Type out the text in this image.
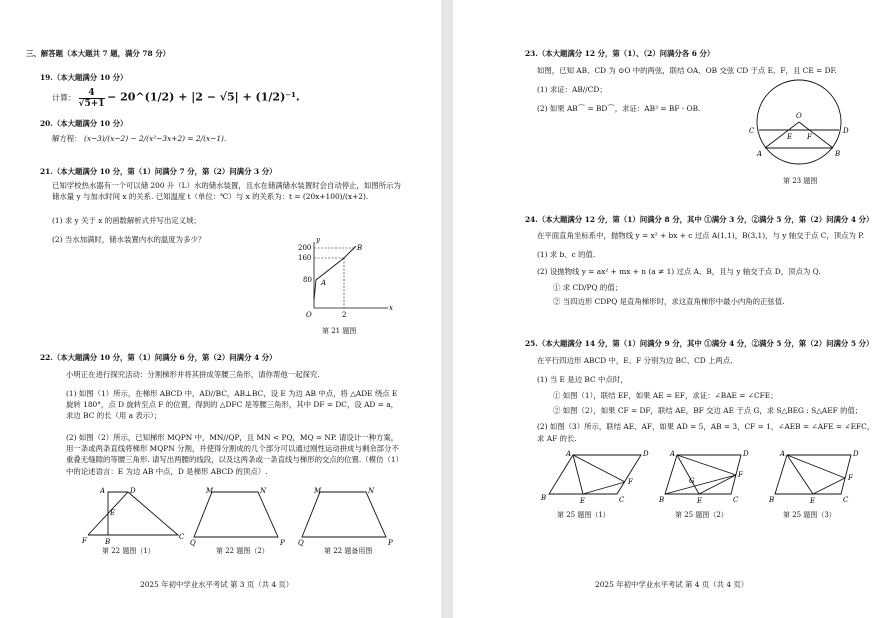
三、解答题（本大题共 7 题，满分 78 分）
19.（本大题满分 10 分）
计算： $\frac{4}{√5+1}$ − 20^(1/2) + |2 − √5| + (1/2)⁻¹.
20.（本大题满分 10 分）
解方程： (x−3)/(x−2) − 2/(x²−3x+2) = 2/(x−1).
21.（本大题满分 10 分，第（1）问满分 7 分，第（2）问满分 3 分）
已知学校热水器有一个可以储 200 升（L）水的储水装置，且水在储满储水装置时会自动停止，如图所示为储水量 y 与加水时间 x 的关系. 已知温度 t（单位：℃）与 x 的关系为：t = (20x+100)/(x+2).
(1) 求 y 关于 x 的函数解析式并写出定义域；
(2) 当水加满时，储水装置内水的温度为多少？
200
160
80
2
O
A
B
x
y
第 21 题图
22.（本大题满分 10 分，第（1）问满分 6 分，第（2）问满分 4 分）
小明正在进行探究活动：分割梯形并将其拼成等腰三角形，请你帮他一起探究.
(1) 如图（1）所示，在梯形 ABCD 中，AD//BC，AB⊥BC，设 E 为边 AB 中点，将 △ADE 绕点 E 旋转 180°，点 D 旋转至点 F 的位置，得到的 △DFC 是等腰三角形，其中 DF = DC，设 AD = a，求边 BC 的长（用 a 表示）；
(2) 如图（2）所示，已知梯形 MQPN 中，MN//QP，且 MN < PQ，MQ = NP. 请设计一种方案，用一条或两条直线将梯形 MQPN 分割，并使得分割成的几个部分可以通过刚性运动拼成与剩余部分不重叠无缝隙的等腰三角形. 请写出两腰的线段，以及这两条或一条直线与梯形的交点的位置.（模仿（1）中的论述语言：E 为边 AB 中点，D 是梯形 ABCD 的顶点）.
A	D
E
F	B
C
第 22 题图（1）
M	N
Q	P
第 22 题图（2）
M	N
Q	P
第 22 题备用图
2025 年初中学业水平考试 第 3 页（共 4 页）
23.（本大题满分 12 分，第（1）、（2）问满分各 6 分）
如图，已知 AB、CD 为 ⊙O 中的两弦，联结 OA、OB 交弦 CD 于点 E、F，且 CE = DF.
(1) 求证：AB//CD；
(2) 如果 AB⌒ = BD⌒，求证：AB² = BF · OB.
O
C	D
E F
A	B
第 23 题图
24.（本大题满分 12 分，第（1）问满分 8 分，其中 ①满分 3 分，②满分 5 分，第（2）问满分 4 分）
在平面直角坐标系中，抛物线 y = x² + bx + c 过点 A(1,1)，B(3,1)，与 y 轴交于点 C，顶点为 P.
(1) 求 b、c 的值.
(2) 设抛物线 y = ax² + mx + n (a ≠ 1) 过点 A、B，且与 y 轴交于点 D，顶点为 Q.
① 求 CD/PQ 的值；
② 当四边形 CDPQ 是直角梯形时，求这直角梯形中最小内角的正弦值.
25.（本大题满分 14 分，第（1）问满分 9 分，其中 ①满分 4 分，②满分 5 分，第（2）问满分 5 分）
在平行四边形 ABCD 中，E、F 分别为边 BC、CD 上两点.
(1) 当 E 是边 BC 中点时，
① 如图（1），联结 EF，如果 AE = EF，求证：∠BAE = ∠CFE；
② 如图（2），如果 CF = DF，联结 AE，BF 交边 AE 于点 G，求 S△BEG : S△AEF 的值；
(2) 如图（3）所示，联结 AE、AF，如果 AD = 5，AB = 3，CF = 1，∠AEB = ∠AFE = ∠EFC，求 AF 的长.
A	D
B	E	C
F
第 25 题图（1）
A	D
B	E	C
F
G
第 25 题图（2）
A	D
B	E	C
F
第 25 题图（3）
2025 年初中学业水平考试 第 4 页（共 4 页）
